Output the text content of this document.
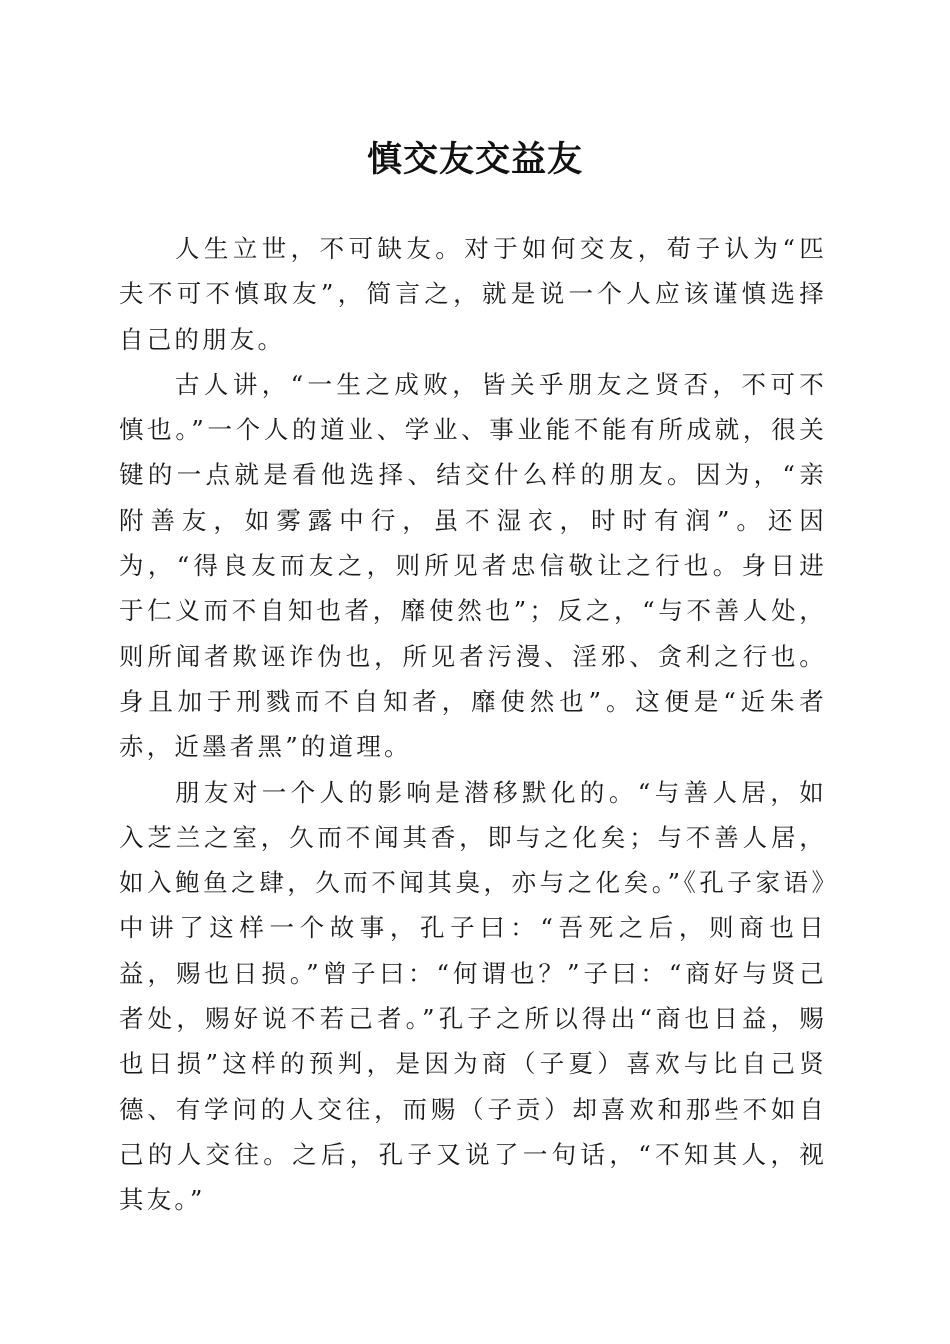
慎交友交益友

人生立世，不可缺友。对于如何交友，荀子认为“匹夫不可不慎取友”，简言之，就是说一个人应该谨慎选择自己的朋友。

古人讲，“一生之成败，皆关乎朋友之贤否，不可不慎也。”一个人的道业、学业、事业能不能有所成就，很关键的一点就是看他选择、结交什么样的朋友。因为，“亲附善友，如雾露中行，虽不湿衣，时时有润”。还因为，“得良友而友之，则所见者忠信敬让之行也。身日进于仁义而不自知也者，靡使然也”；反之，“与不善人处，则所闻者欺诬诈伪也，所见者污漫、淫邪、贪利之行也。身且加于刑戮而不自知者，靡使然也”。这便是“近朱者赤，近墨者黑”的道理。

朋友对一个人的影响是潜移默化的。“与善人居，如入芝兰之室，久而不闻其香，即与之化矣；与不善人居，如入鲍鱼之肆，久而不闻其臭，亦与之化矣。”《孔子家语》中讲了这样一个故事，孔子曰：“吾死之后，则商也日益，赐也日损。”曾子曰：“何谓也？”子曰：“商好与贤己者处，赐好说不若己者。”孔子之所以得出“商也日益，赐也日损”这样的预判，是因为商（子夏）喜欢与比自己贤德、有学问的人交往，而赐（子贡）却喜欢和那些不如自己的人交往。之后，孔子又说了一句话，“不知其人，视其友。”
